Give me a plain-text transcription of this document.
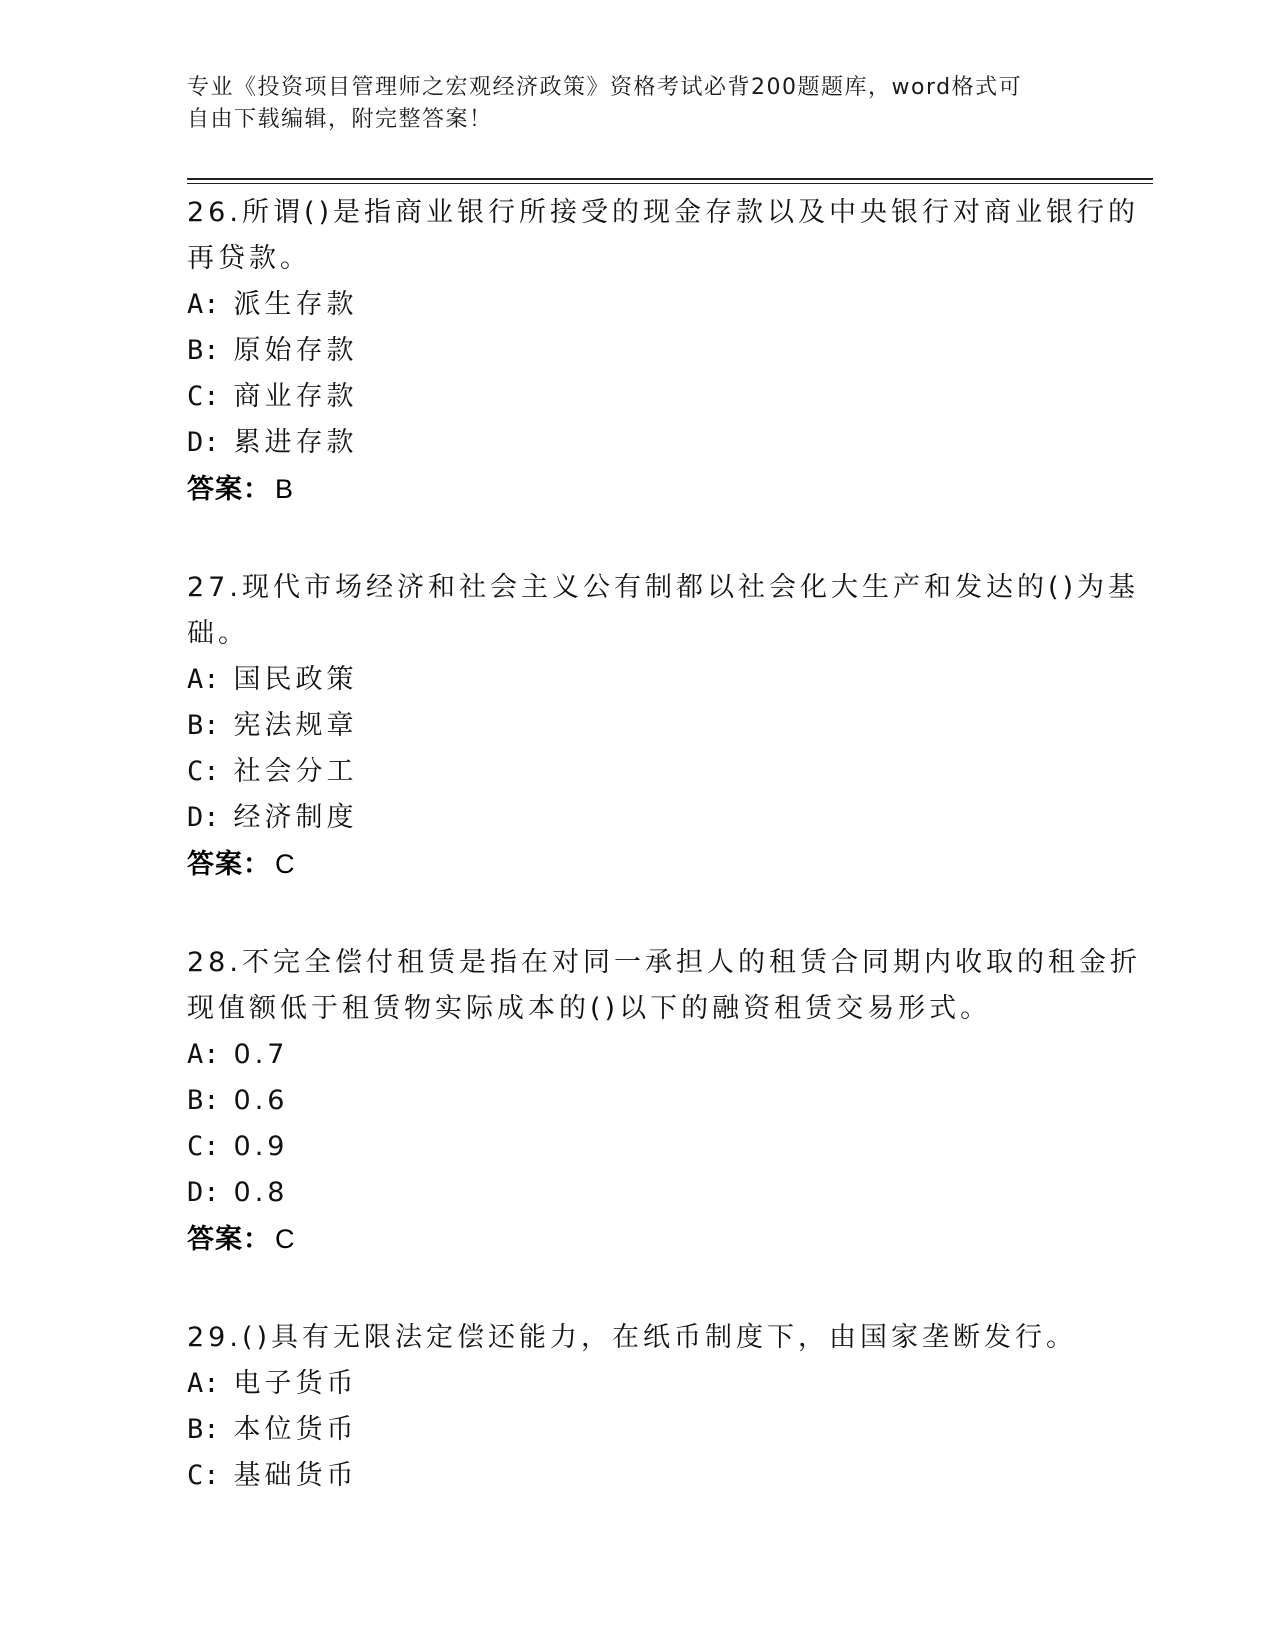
专业《投资项目管理师之宏观经济政策》资格考试必背200题题库，word格式可
自由下载编辑，附完整答案！
26.所谓()是指商业银行所接受的现金存款以及中央银行对商业银行的
再贷款。
A: 派生存款
B: 原始存款
C: 商业存款
D: 累进存款
答案： B
27.现代市场经济和社会主义公有制都以社会化大生产和发达的()为基
础。
A: 国民政策
B: 宪法规章
C: 社会分工
D: 经济制度
答案： C
28.不完全偿付租赁是指在对同一承担人的租赁合同期内收取的租金折
现值额低于租赁物实际成本的()以下的融资租赁交易形式。
A: 0.7
B: 0.6
C: 0.9
D: 0.8
答案： C
29.()具有无限法定偿还能力，在纸币制度下，由国家垄断发行。
A: 电子货币
B: 本位货币
C: 基础货币
